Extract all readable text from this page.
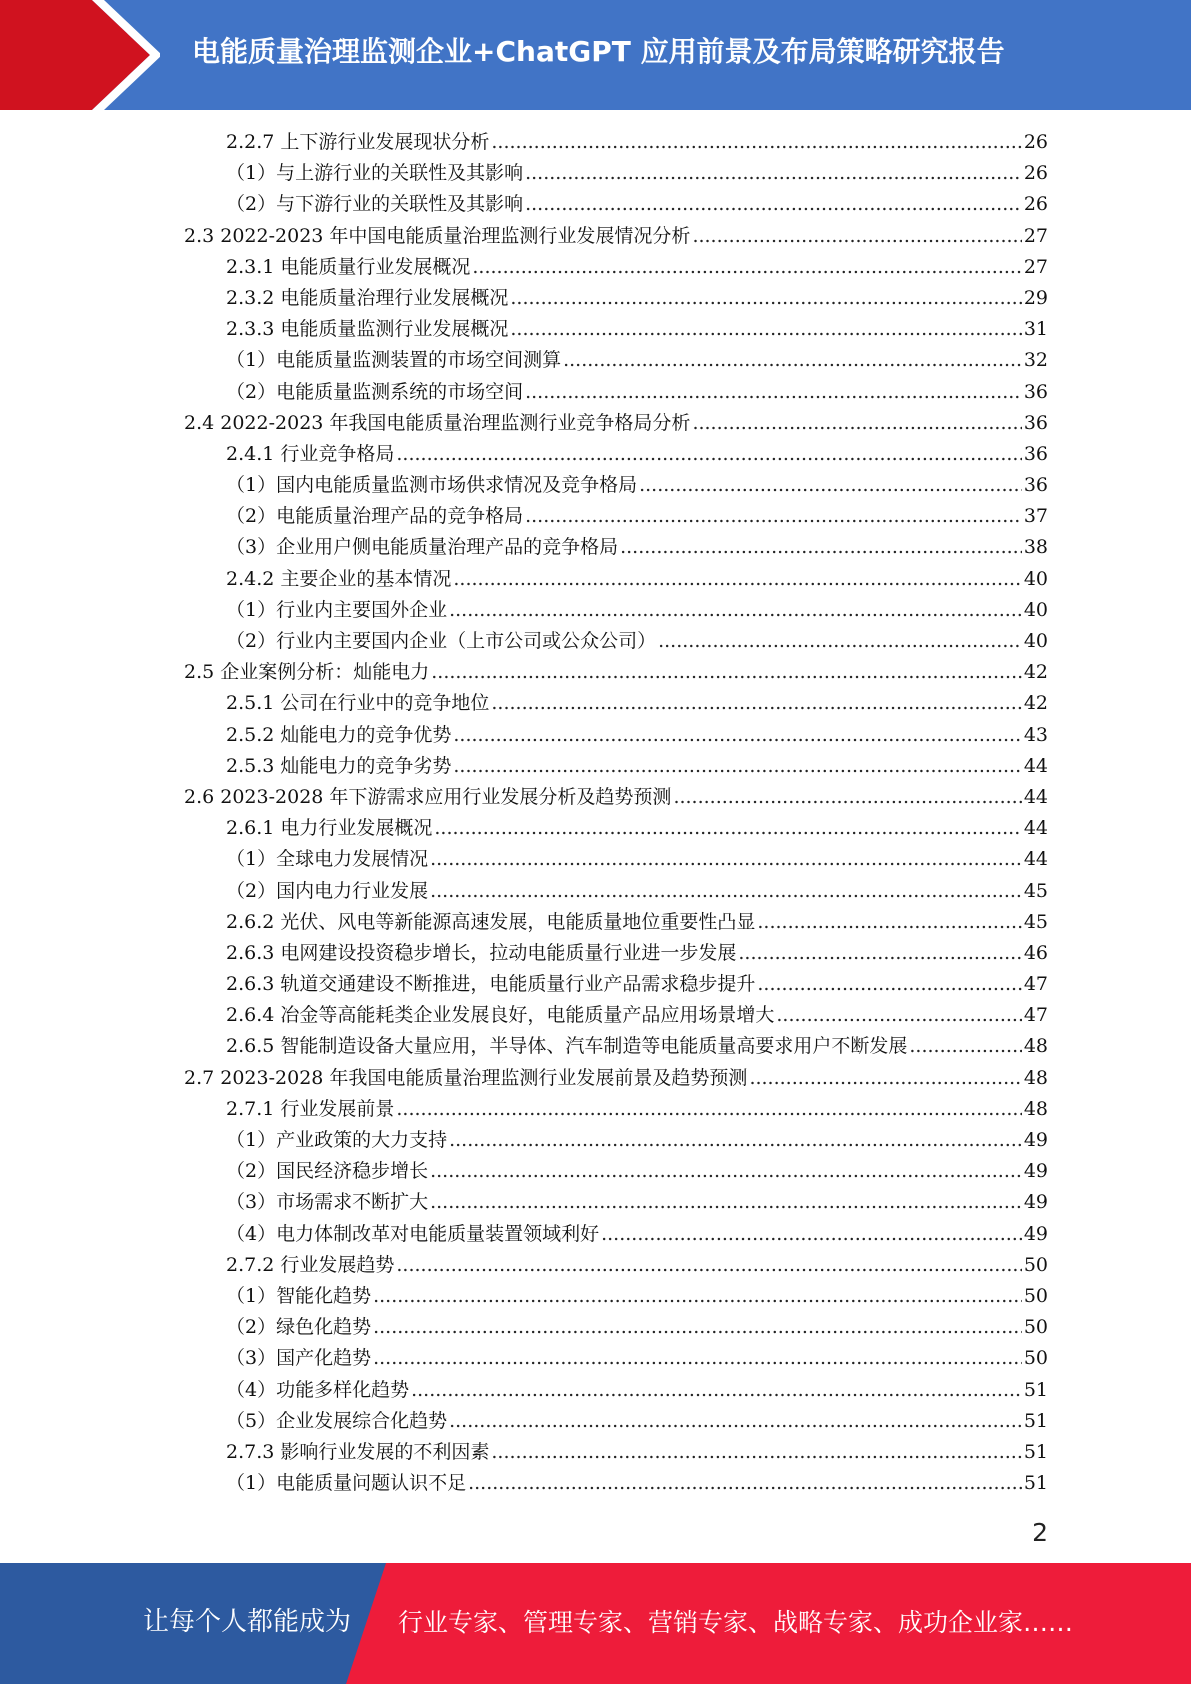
电能质量治理监测企业+ChatGPT 应用前景及布局策略研究报告
2.2.7 上下游行业发展现状分析 .....	26
（1）与上游行业的关联性及其影响 .....	26
（2）与下游行业的关联性及其影响 .....	26
2.3 2022-2023 年中国电能质量治理监测行业发展情况分析 .....	27
2.3.1 电能质量行业发展概况 .....	27
2.3.2 电能质量治理行业发展概况 .....	29
2.3.3 电能质量监测行业发展概况 .....	31
（1）电能质量监测装置的市场空间测算 .....	32
（2）电能质量监测系统的市场空间 .....	36
2.4 2022-2023 年我国电能质量治理监测行业竞争格局分析 .....	36
2.4.1 行业竞争格局 .....	36
（1）国内电能质量监测市场供求情况及竞争格局 .....	36
（2）电能质量治理产品的竞争格局 .....	37
（3）企业用户侧电能质量治理产品的竞争格局 .....	38
2.4.2 主要企业的基本情况 .....	40
（1）行业内主要国外企业 .....	40
（2）行业内主要国内企业（上市公司或公众公司） .....	40
2.5 企业案例分析：灿能电力 .....	42
2.5.1 公司在行业中的竞争地位 .....	42
2.5.2 灿能电力的竞争优势 .....	43
2.5.3 灿能电力的竞争劣势 .....	44
2.6 2023-2028 年下游需求应用行业发展分析及趋势预测 .....	44
2.6.1 电力行业发展概况 .....	44
（1）全球电力发展情况 .....	44
（2）国内电力行业发展 .....	45
2.6.2 光伏、风电等新能源高速发展，电能质量地位重要性凸显 .....	45
2.6.3 电网建设投资稳步增长，拉动电能质量行业进一步发展 .....	46
2.6.3 轨道交通建设不断推进，电能质量行业产品需求稳步提升 .....	47
2.6.4 冶金等高能耗类企业发展良好，电能质量产品应用场景增大 .....	47
2.6.5 智能制造设备大量应用，半导体、汽车制造等电能质量高要求用户不断发展 .....	48
2.7 2023-2028 年我国电能质量治理监测行业发展前景及趋势预测 .....	48
2.7.1 行业发展前景 .....	48
（1）产业政策的大力支持 .....	49
（2）国民经济稳步增长 .....	49
（3）市场需求不断扩大 .....	49
（4）电力体制改革对电能质量装置领域利好 .....	49
2.7.2 行业发展趋势 .....	50
（1）智能化趋势 .....	50
（2）绿色化趋势 .....	50
（3）国产化趋势 .....	50
（4）功能多样化趋势 .....	51
（5）企业发展综合化趋势 .....	51
2.7.3 影响行业发展的不利因素 .....	51
（1）电能质量问题认识不足 .....	51
2
让每个人都能成为 行业专家、管理专家、营销专家、战略专家、成功企业家……
